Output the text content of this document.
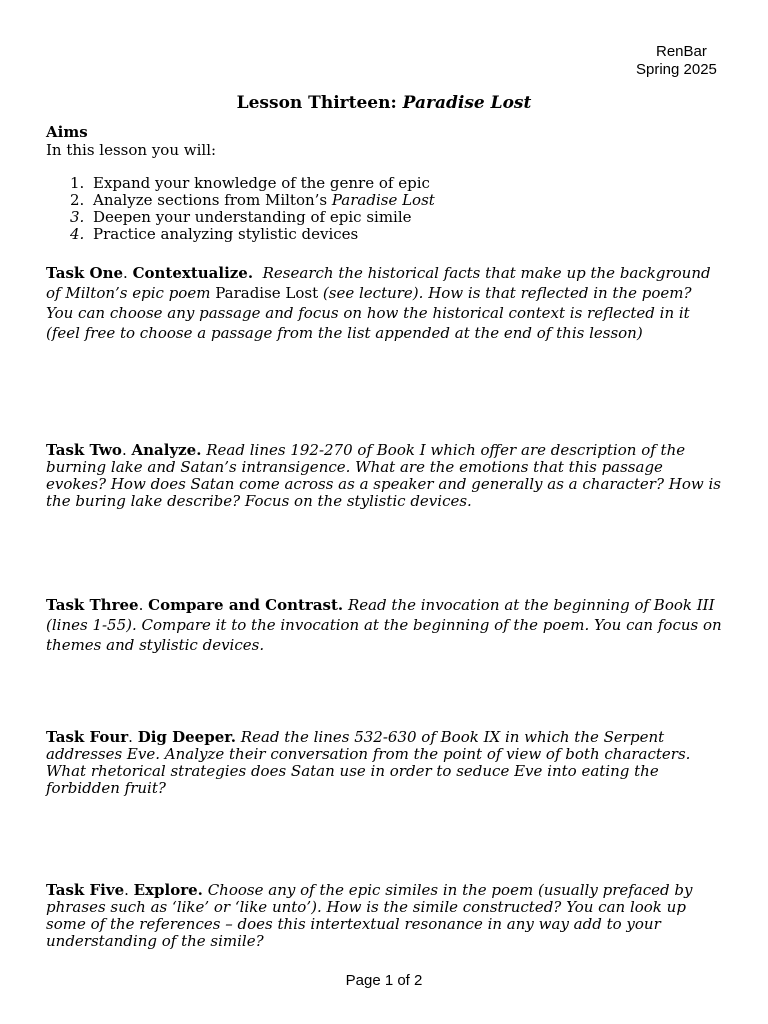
RenBar
Spring 2025
Lesson Thirteen: Paradise Lost
Aims
In this lesson you will:
1. Expand your knowledge of the genre of epic
2. Analyze sections from Milton’s Paradise Lost
3. Deepen your understanding of epic simile
4. Practice analyzing stylistic devices
Task One. Contextualize. Research the historical facts that make up the background of Milton’s epic poem Paradise Lost (see lecture). How is that reflected in the poem? You can choose any passage and focus on how the historical context is reflected in it (feel free to choose a passage from the list appended at the end of this lesson)
Task Two. Analyze. Read lines 192-270 of Book I which offer are description of the burning lake and Satan’s intransigence. What are the emotions that this passage evokes? How does Satan come across as a speaker and generally as a character? How is the buring lake describe? Focus on the stylistic devices.
Task Three. Compare and Contrast. Read the invocation at the beginning of Book III (lines 1-55). Compare it to the invocation at the beginning of the poem. You can focus on themes and stylistic devices.
Task Four. Dig Deeper. Read the lines 532-630 of Book IX in which the Serpent addresses Eve. Analyze their conversation from the point of view of both characters. What rhetorical strategies does Satan use in order to seduce Eve into eating the forbidden fruit?
Task Five. Explore. Choose any of the epic similes in the poem (usually prefaced by phrases such as ‘like’ or ‘like unto’). How is the simile constructed? You can look up some of the references – does this intertextual resonance in any way add to your understanding of the simile?
Page 1 of 2
